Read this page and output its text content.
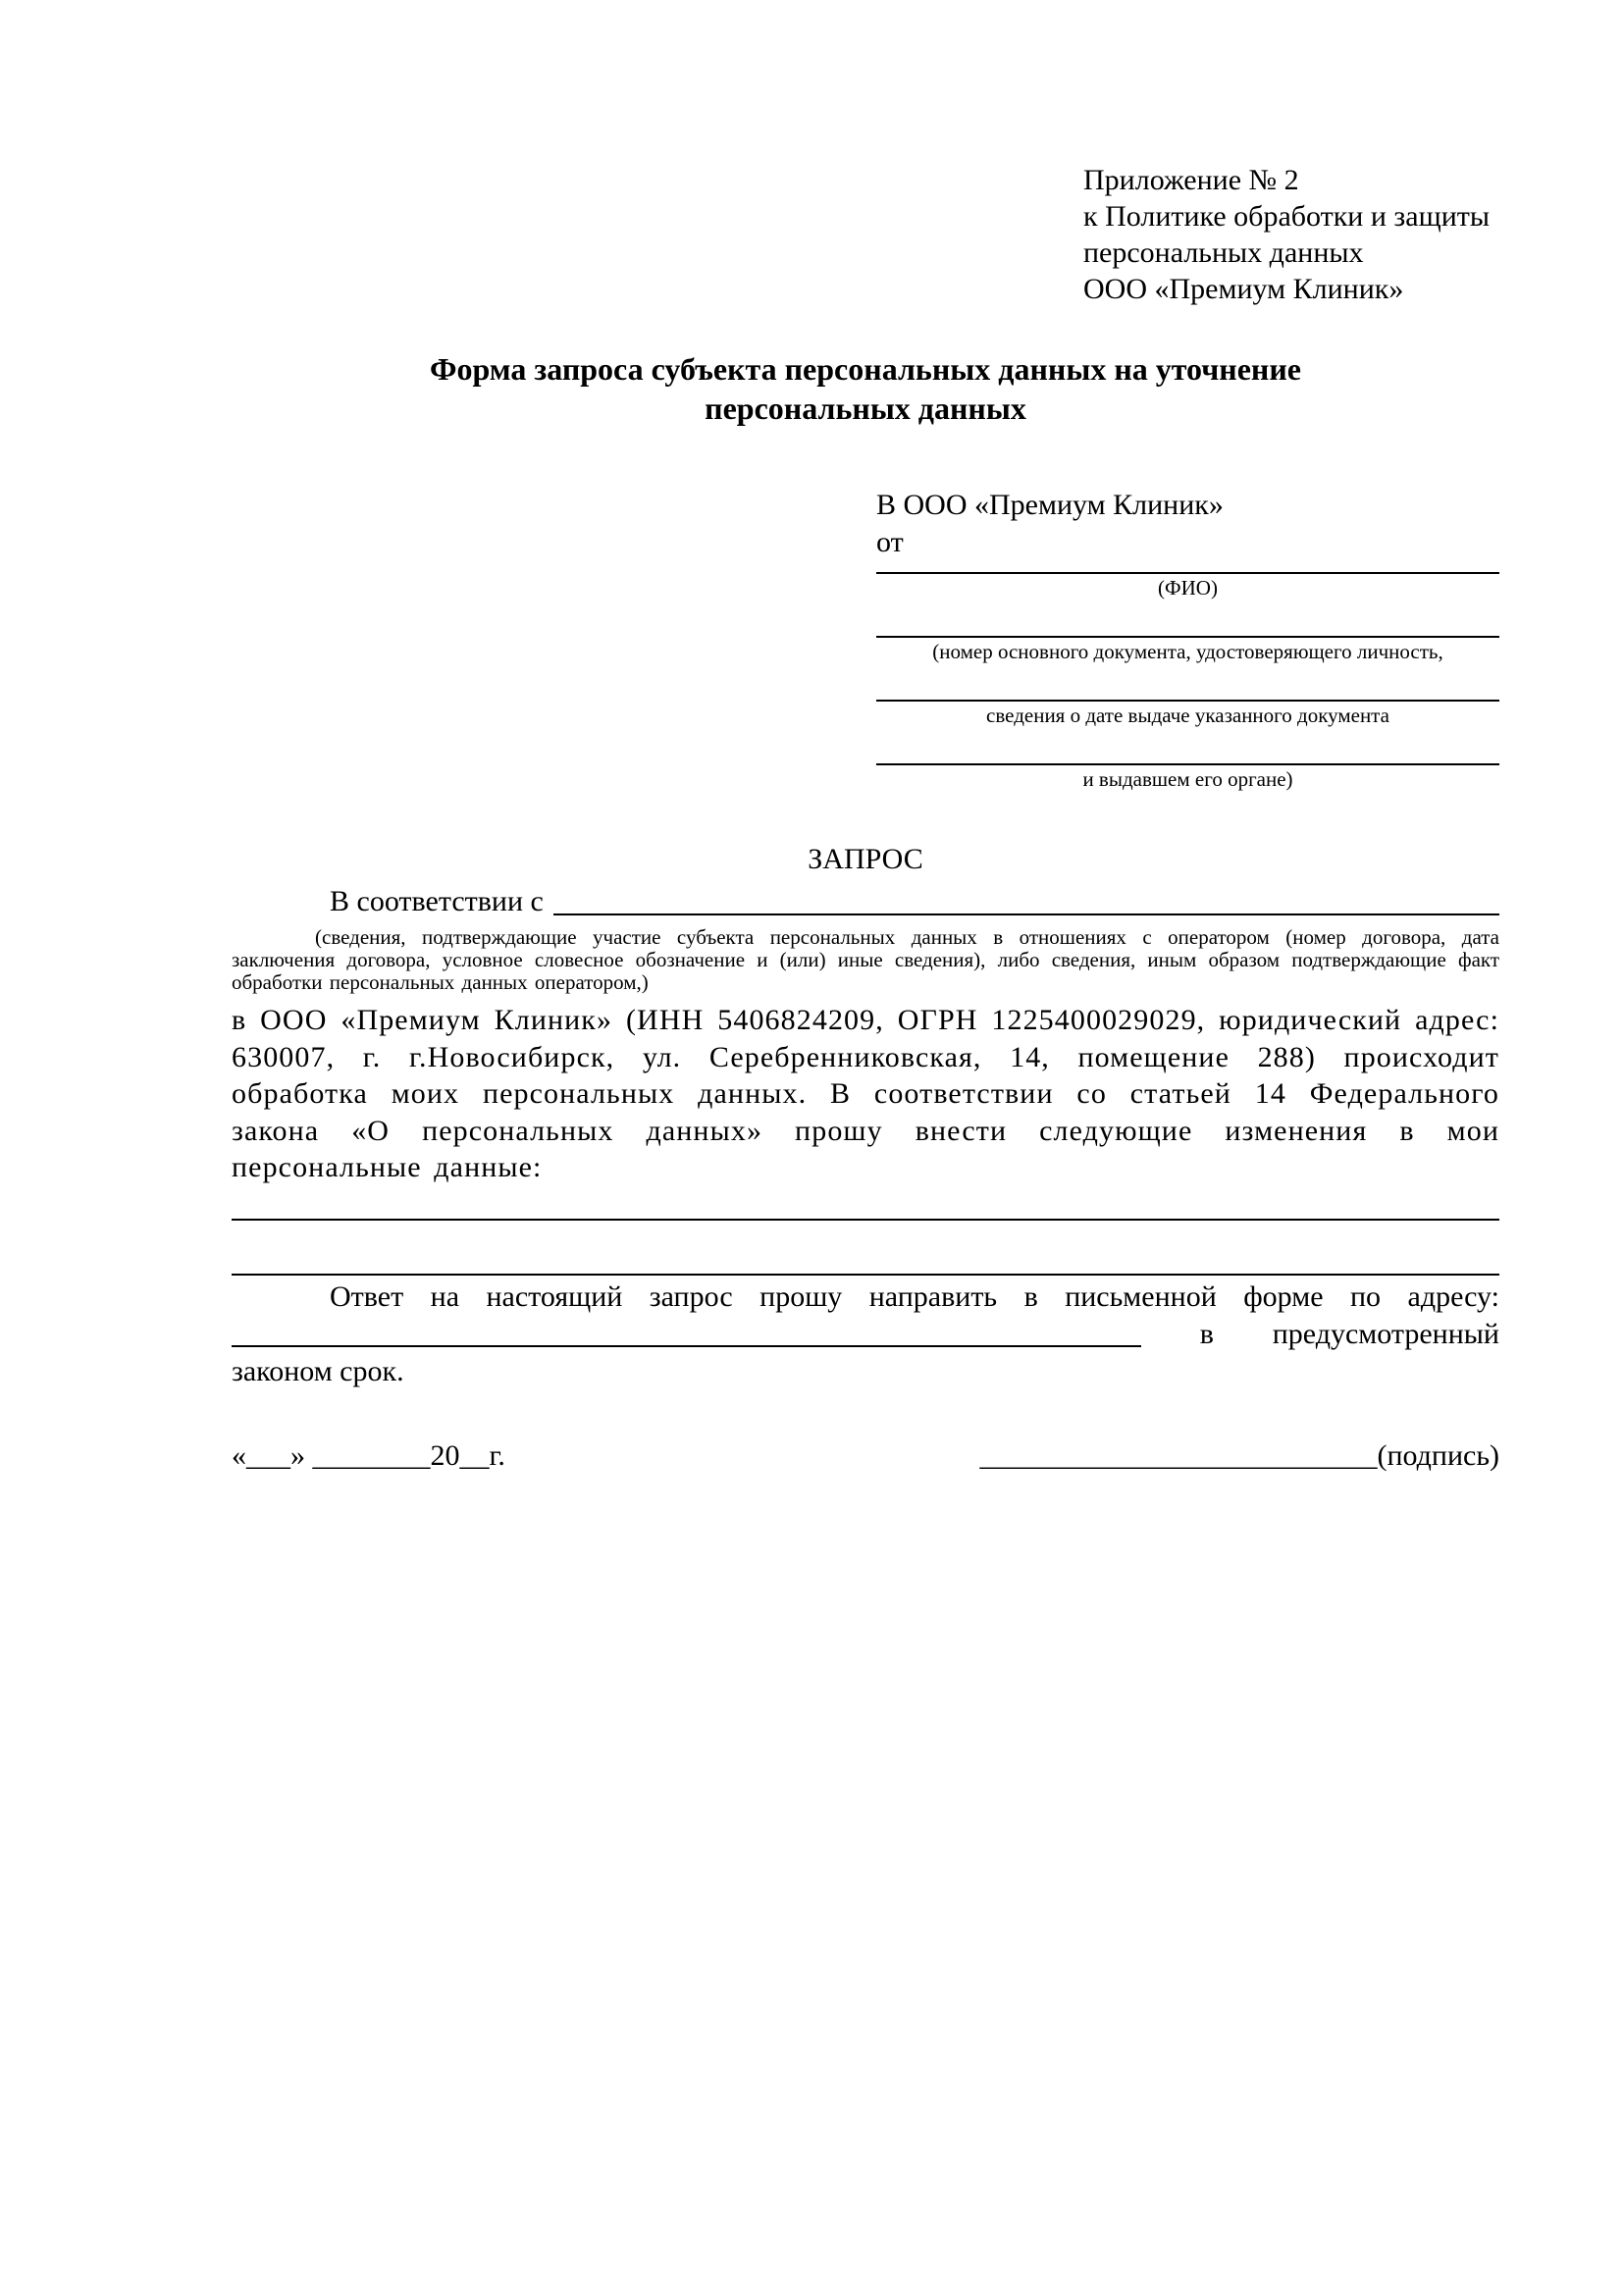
Приложение № 2
к Политике обработки и защиты
персональных данных
ООО «Премиум Клиник»
Форма запроса субъекта персональных данных на уточнение
персональных данных
В ООО «Премиум Клиник»
от
(ФИО)
(номер основного документа, удостоверяющего личность,
сведения о дате выдаче указанного документа
и выдавшем его органе)
ЗАПРОС
В соответствии с
(сведения, подтверждающие участие субъекта персональных данных в отношениях с оператором (номер договора, дата заключения договора, условное словесное обозначение и (или) иные сведения), либо сведения, иным образом подтверждающие факт обработки персональных данных оператором,)
в ООО «Премиум Клиник» (ИНН 5406824209, ОГРН 1225400029029, юридический адрес: 630007, г. г.Новосибирск, ул. Серебренниковская, 14, помещение 288) происходит обработка моих персональных данных. В соответствии со статьей 14 Федерального закона «О персональных данных» прошу внести следующие изменения в мои персональные данные:
Ответ на настоящий запрос прошу направить в письменной форме по адресу:
в предусмотренный
законом срок.
«___» ________20__г.	___________________________(подпись)
